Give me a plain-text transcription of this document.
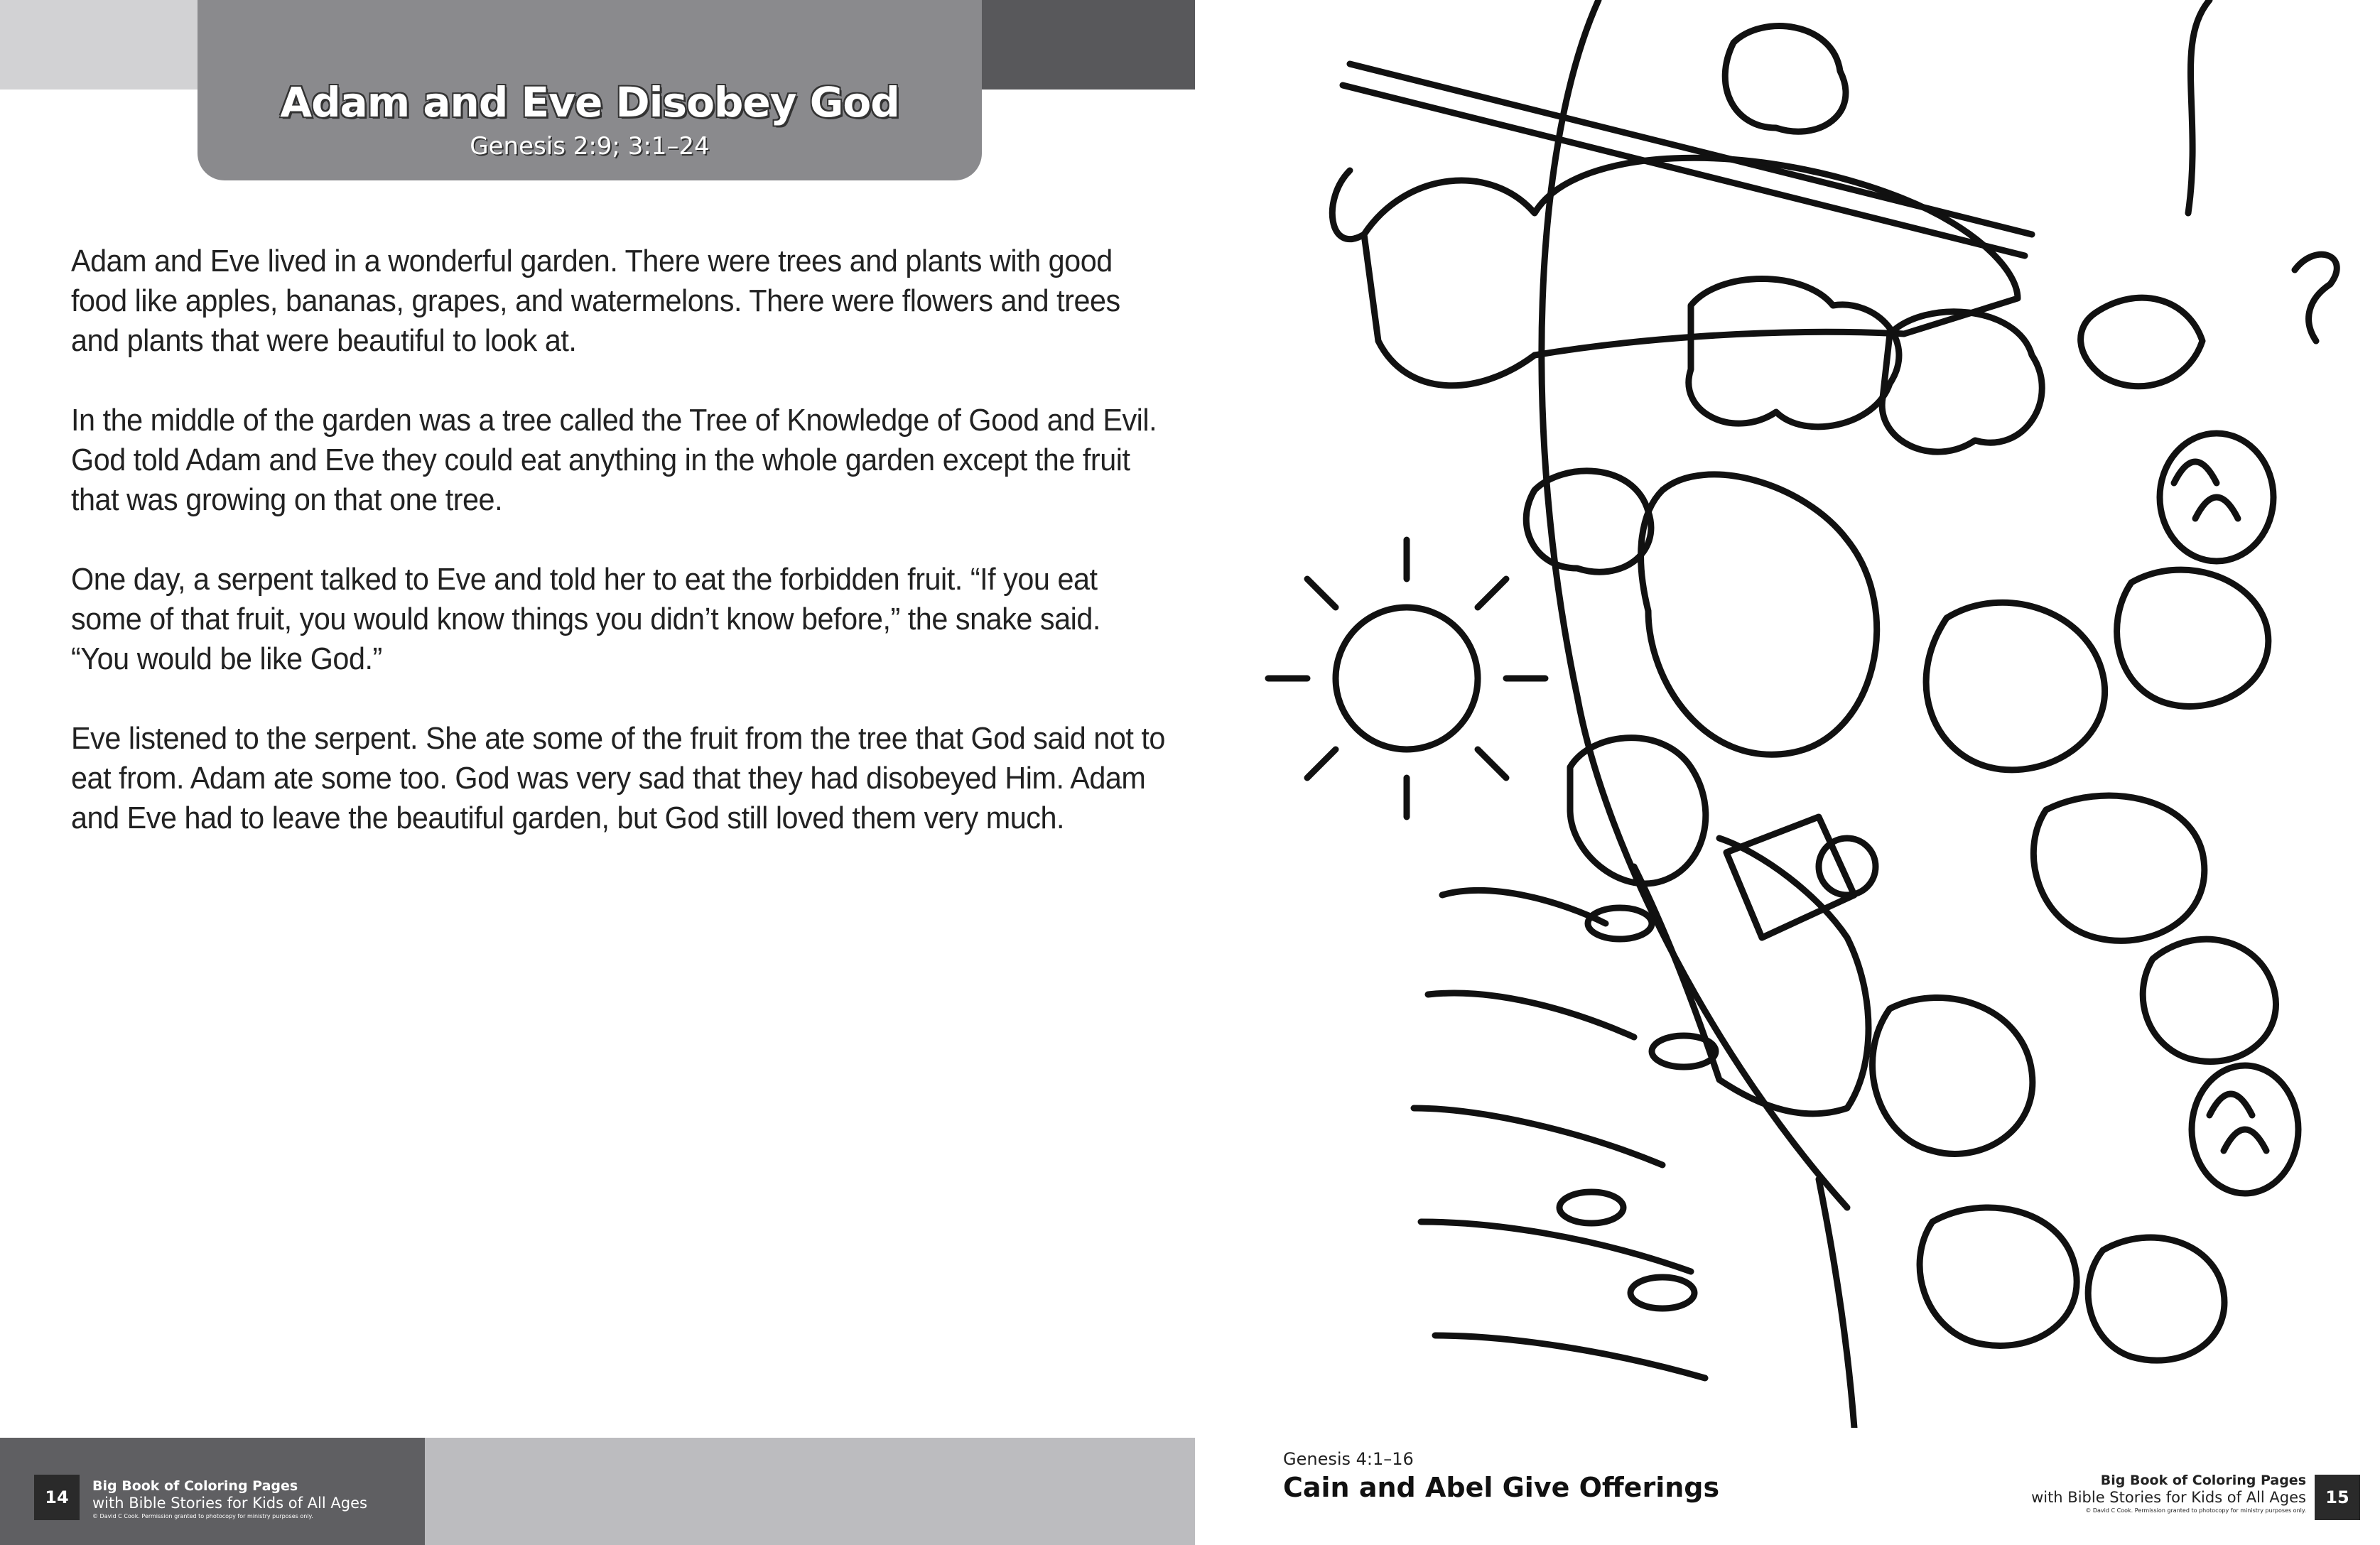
Adam and Eve Disobey God
Genesis 2:9; 3:1–24

Adam and Eve lived in a wonderful garden. There were trees and plants with good food like apples, bananas, grapes, and watermelons. There were flowers and trees and plants that were beautiful to look at.

In the middle of the garden was a tree called the Tree of Knowledge of Good and Evil. God told Adam and Eve they could eat anything in the whole garden except the fruit that was growing on that one tree.

One day, a serpent talked to Eve and told her to eat the forbidden fruit. “If you eat some of that fruit, you would know things you didn’t know before,” the snake said. “You would be like God.”

Eve listened to the serpent. She ate some of the fruit from the tree that God said not to eat from. Adam ate some too. God was very sad that they had disobeyed Him. Adam and Eve had to leave the beautiful garden, but God still loved them very much.

14
Big Book of Coloring Pages
with Bible Stories for Kids of All Ages
© David C Cook. Permission granted to photocopy for ministry purposes only.
Genesis 4:1–16
Cain and Abel Give Offerings	Big Book of Coloring Pages
with Bible Stories for Kids of All Ages
© David C Cook. Permission granted to photocopy for ministry purposes only.
15
